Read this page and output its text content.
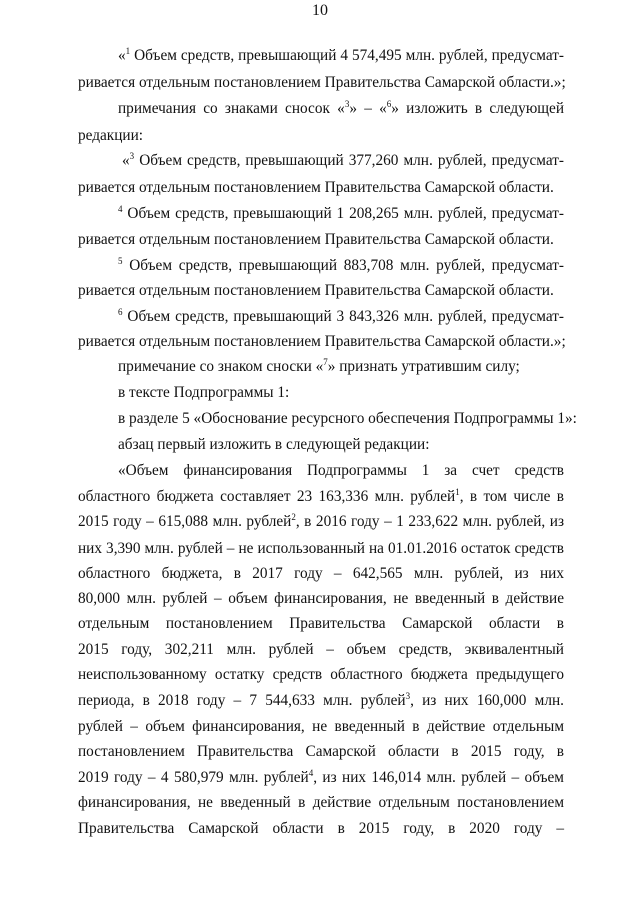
10
«$^1$ Объем средств, превышающий 4 574,495 млн. рублей, предусмат-
ривается отдельным постановлением Правительства Самарской области.»;
примечания со знаками сносок «$^3$» – «$^6$» изложить в следующей
редакции:
«$^3$ Объем средств, превышающий 377,260 млн. рублей, предусмат-
ривается отдельным постановлением Правительства Самарской области.
$^4$ Объем средств, превышающий 1 208,265 млн. рублей, предусмат-
ривается отдельным постановлением Правительства Самарской области.
$^5$ Объем средств, превышающий 883,708 млн. рублей, предусмат-
ривается отдельным постановлением Правительства Самарской области.
$^6$ Объем средств, превышающий 3 843,326 млн. рублей, предусмат-
ривается отдельным постановлением Правительства Самарской области.»;
примечание со знаком сноски «$^7$» признать утратившим силу;
в тексте Подпрограммы 1:
в разделе 5 «Обоснование ресурсного обеспечения Подпрограммы 1»:
абзац первый изложить в следующей редакции:
«Объем финансирования Подпрограммы 1 за счет средств
областного бюджета составляет 23 163,336 млн. рублей$^1$, в том числе в
2015 году – 615,088 млн. рублей$^2$, в 2016 году – 1 233,622 млн. рублей, из
них 3,390 млн. рублей – не использованный на 01.01.2016 остаток средств
областного бюджета, в 2017 году – 642,565 млн. рублей, из них
80,000 млн. рублей – объем финансирования, не введенный в действие
отдельным постановлением Правительства Самарской области в
2015 году, 302,211 млн. рублей – объем средств, эквивалентный
неиспользованному остатку средств областного бюджета предыдущего
периода, в 2018 году – 7 544,633 млн. рублей$^3$, из них 160,000 млн.
рублей – объем финансирования, не введенный в действие отдельным
постановлением Правительства Самарской области в 2015 году, в
2019 году – 4 580,979 млн. рублей$^4$, из них 146,014 млн. рублей – объем
финансирования, не введенный в действие отдельным постановлением
Правительства Самарской области в 2015 году, в 2020 году –
